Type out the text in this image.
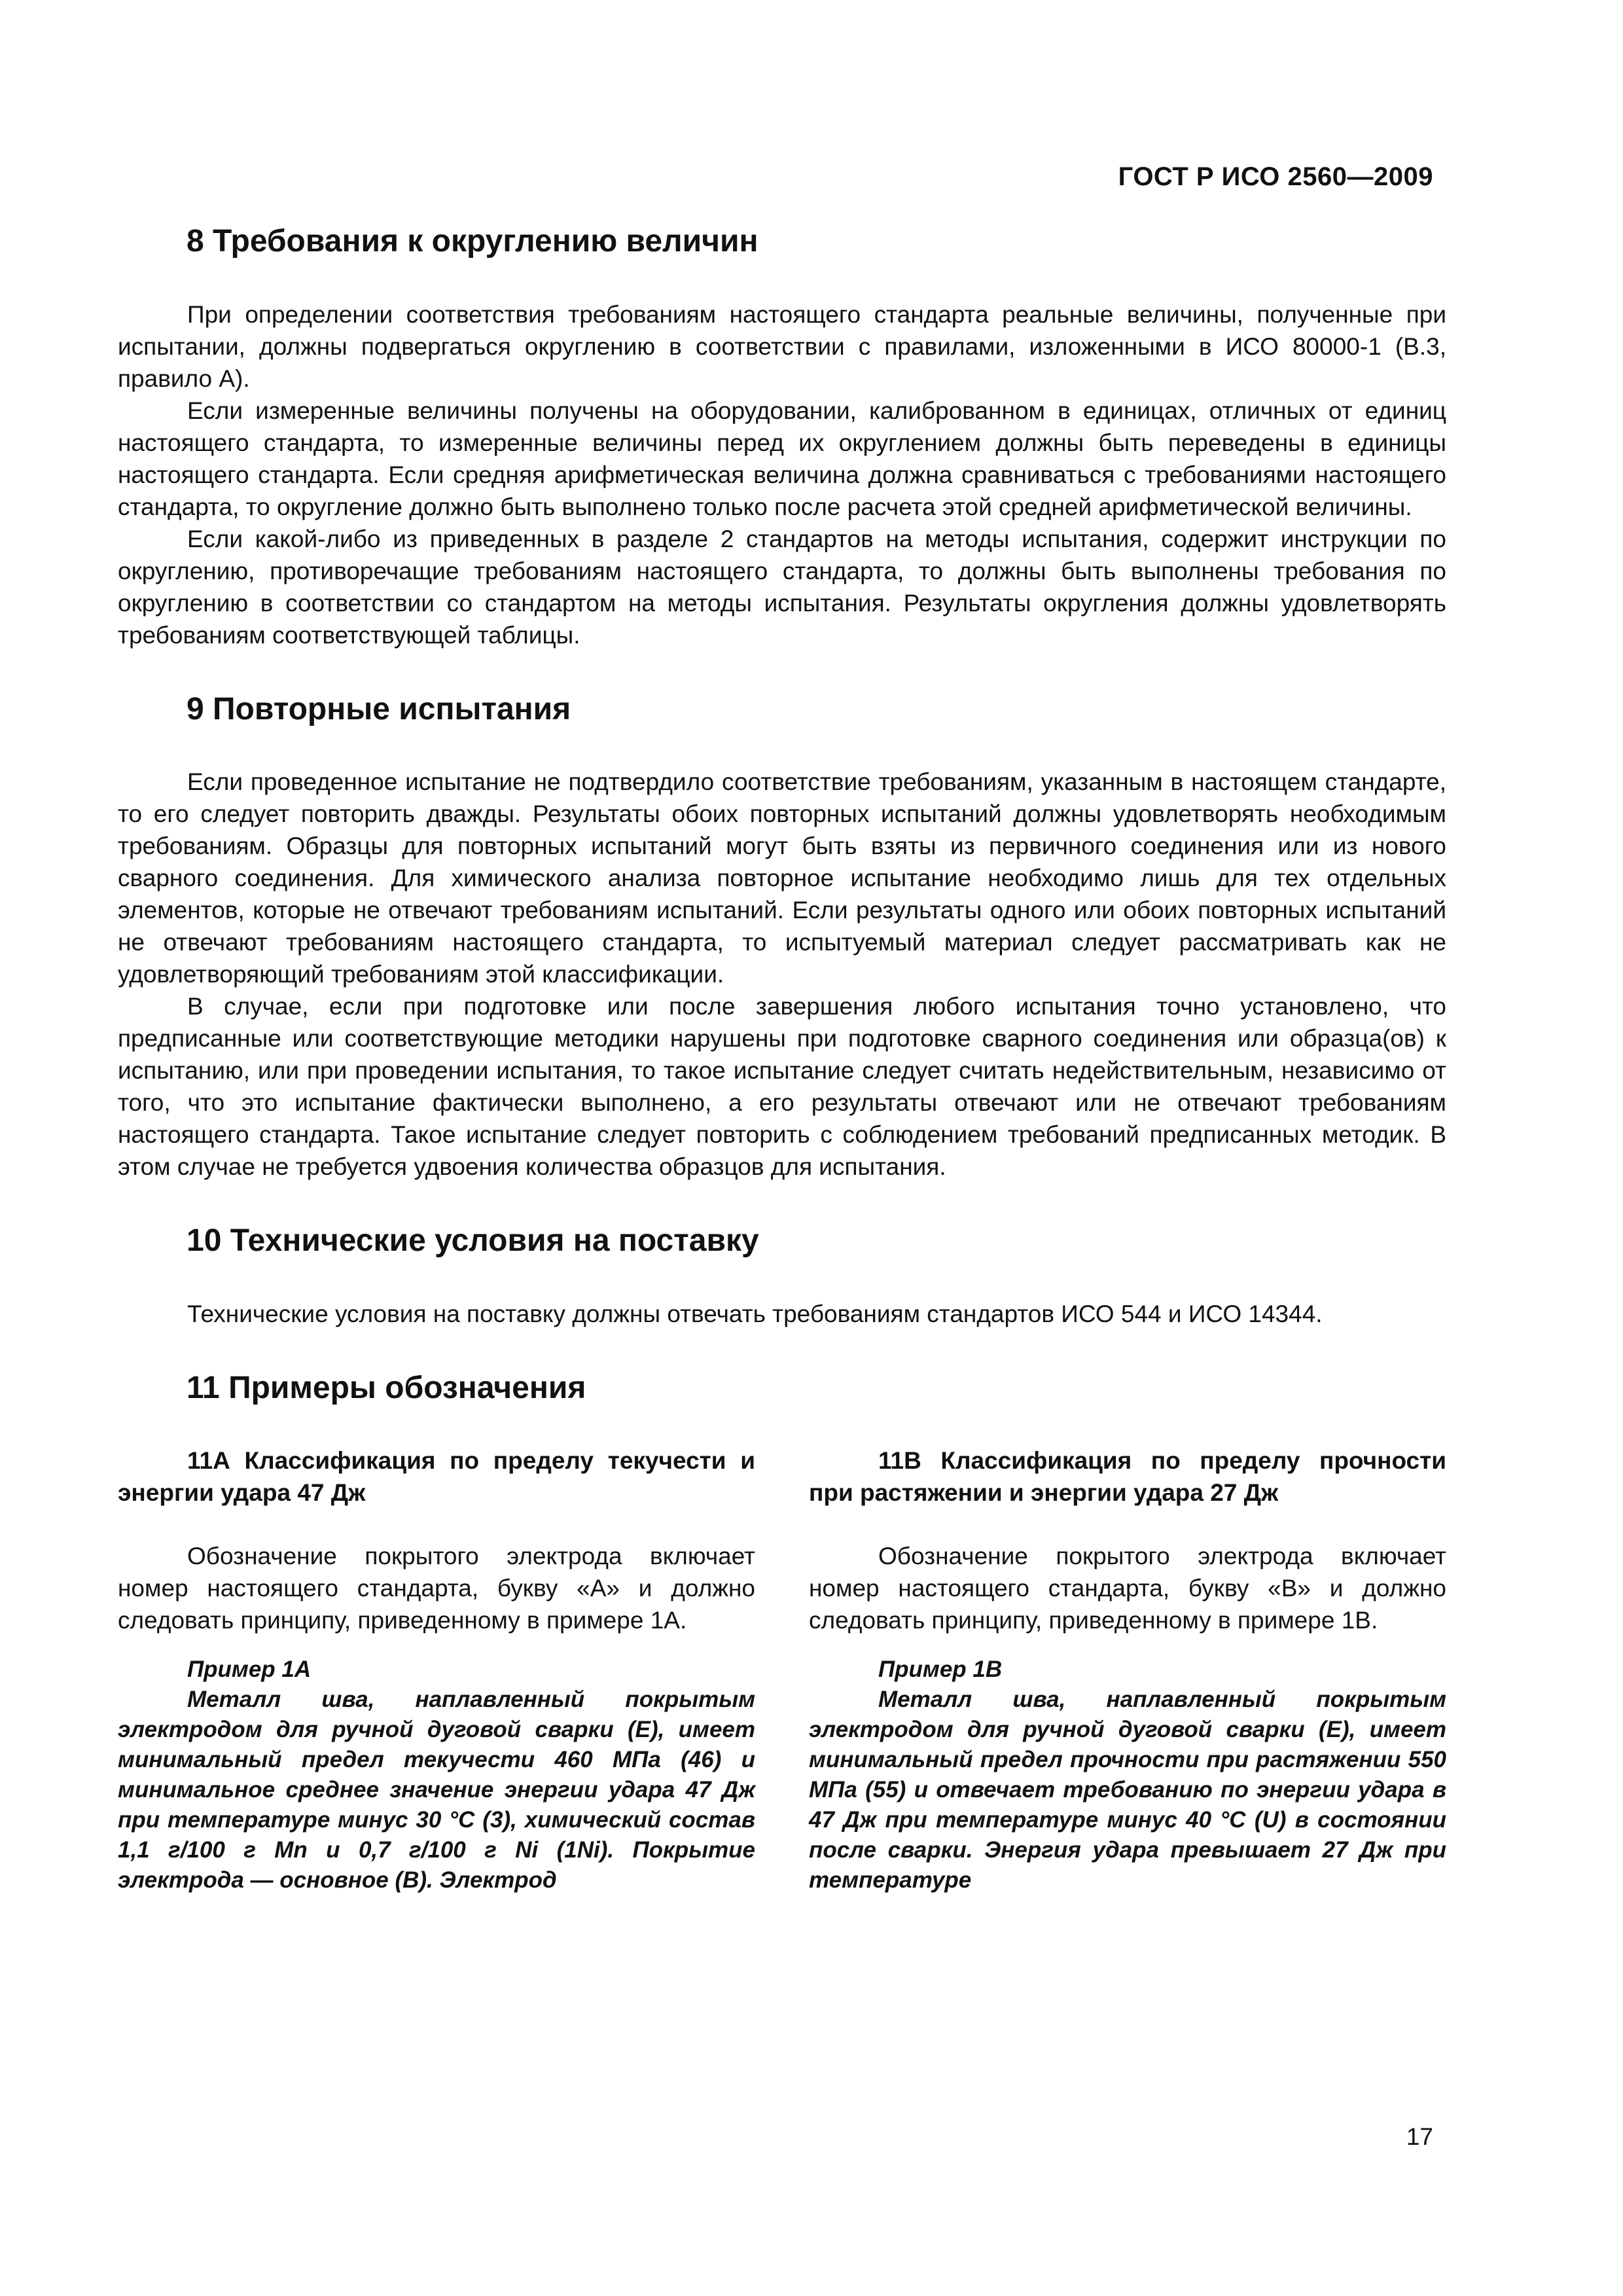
ГОСТ Р ИСО 2560—2009
8 Требования к округлению величин

При определении соответствия требованиям настоящего стандарта реальные величины, полученные при испытании, должны подвергаться округлению в соответствии с правилами, изложенными в ИСО 80000-1 (В.3, правило А).

Если измеренные величины получены на оборудовании, калиброванном в единицах, отличных от единиц настоящего стандарта, то измеренные величины перед их округлением должны быть переведены в единицы настоящего стандарта. Если средняя арифметическая величина должна сравниваться с требованиями настоящего стандарта, то округление должно быть выполнено только после расчета этой средней арифметической величины.

Если какой-либо из приведенных в разделе 2 стандартов на методы испытания, содержит инструкции по округлению, противоречащие требованиям настоящего стандарта, то должны быть выполнены требования по округлению в соответствии со стандартом на методы испытания. Результаты округления должны удовлетворять требованиям соответствующей таблицы.

9 Повторные испытания

Если проведенное испытание не подтвердило соответствие требованиям, указанным в настоящем стандарте, то его следует повторить дважды. Результаты обоих повторных испытаний должны удовлетворять необходимым требованиям. Образцы для повторных испытаний могут быть взяты из первичного соединения или из нового сварного соединения. Для химического анализа повторное испытание необходимо лишь для тех отдельных элементов, которые не отвечают требованиям испытаний. Если результаты одного или обоих повторных испытаний не отвечают требованиям настоящего стандарта, то испытуемый материал следует рассматривать как не удовлетворяющий требованиям этой классификации.

В случае, если при подготовке или после завершения любого испытания точно установлено, что предписанные или соответствующие методики нарушены при подготовке сварного соединения или образца(ов) к испытанию, или при проведении испытания, то такое испытание следует считать недействительным, независимо от того, что это испытание фактически выполнено, а его результаты отвечают или не отвечают требованиям настоящего стандарта. Такое испытание следует повторить с соблюдением требований предписанных методик. В этом случае не требуется удвоения количества образцов для испытания.

10 Технические условия на поставку

Технические условия на поставку должны отвечать требованиям стандартов ИСО 544 и ИСО 14344.

11 Примеры обозначения
11А Классификация по пределу текучести и энергии удара 47 Дж

Обозначение покрытого электрода включает номер настоящего стандарта, букву «А» и должно следовать принципу, приведенному в примере 1А.

Пример 1А

Металл шва, наплавленный покрытым электродом для ручной дуговой сварки (Е), имеет минимальный предел текучести 460 МПа (46) и минимальное среднее значение энергии удара 47 Дж при температуре минус 30 °С (3), химический состав 1,1 г/100 г Mn и 0,7 г/100 г Ni (1Ni). Покрытие электрода — основное (В). Электрод

11В Классификация по пределу прочности при растяжении и энергии удара 27 Дж

Обозначение покрытого электрода включает номер настоящего стандарта, букву «В» и должно следовать принципу, приведенному в примере 1В.

Пример 1В

Металл шва, наплавленный покрытым электродом для ручной дуговой сварки (Е), имеет минимальный предел прочности при растяжении 550 МПа (55) и отвечает требованию по энергии удара в 47 Дж при температуре минус 40 °С (U) в состоянии после сварки. Энергия удара превышает 27 Дж при температуре

17
